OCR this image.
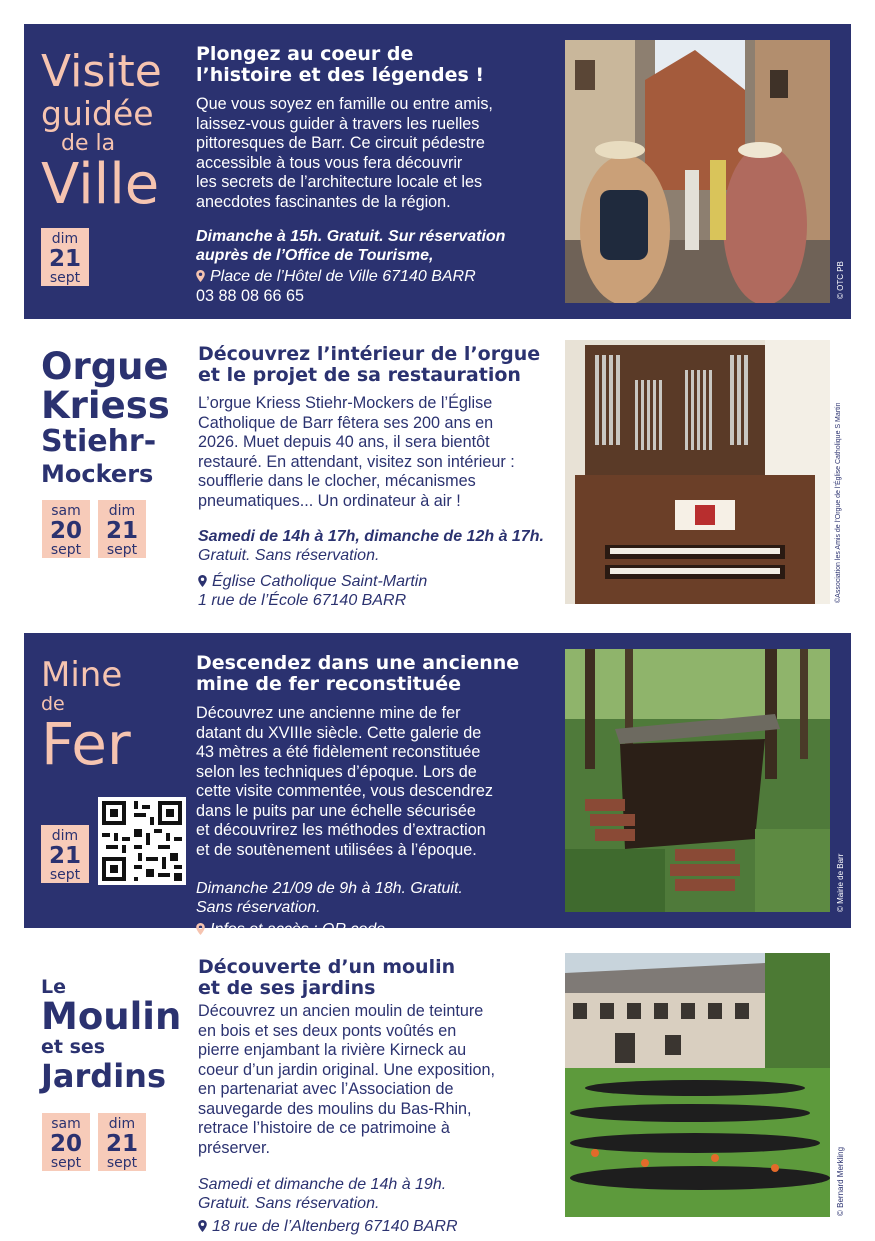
Visite
guidée
de la
Ville
dim
21
sept
Plongez au coeur de
l’histoire et des légendes !

Que vous soyez en famille ou entre amis,
laissez-vous guider à travers les ruelles
pittoresques de Barr. Ce circuit pédestre
accessible à tous vous fera découvrir
les secrets de l’architecture locale et les
anecdotes fascinantes de la région.

Dimanche à 15h. Gratuit. Sur réservation
auprès de l’Office de Tourisme,

Place de l’Hôtel de Ville 67140 BARR

03 88 08 66 65	© OTC PB
Orgue
Kriess
Stiehr-
Mockers
sam
20
sept
dim
21
sept
Découvrez l’intérieur de l’orgue
et le projet de sa restauration

L’orgue Kriess Stiehr-Mockers de l’Église
Catholique de Barr fêtera ses 200 ans en
2026. Muet depuis 40 ans, il sera bientôt
restauré. En attendant, visitez son intérieur :
soufflerie dans le clocher, mécanismes
pneumatiques... Un ordinateur à air !

Samedi de 14h à 17h, dimanche de 12h à 17h.
Gratuit. Sans réservation.

Église Catholique Saint-Martin
1 rue de l’École 67140 BARR	©Association les Amis de l’Orgue de l’Église Catholique S Martin
Mine
de
Fer
dim
21
sept
Descendez dans une ancienne
mine de fer reconstituée

Découvrez une ancienne mine de fer
datant du XVIIIe siècle. Cette galerie de
43 mètres a été fidèlement reconstituée
selon les techniques d’époque. Lors de
cette visite commentée, vous descendrez
dans le puits par une échelle sécurisée
et découvrirez les méthodes d’extraction
et de soutènement utilisées à l’époque.

Dimanche 21/09 de 9h à 18h. Gratuit.
Sans réservation.

Infos et accès : QR code

© Mairie de Barr
Le
Moulin
et ses
Jardins
sam
20
sept
dim
21
sept
Découverte d’un moulin
et de ses jardins

Découvrez un ancien moulin de teinture
en bois et ses deux ponts voûtés en
pierre enjambant la rivière Kirneck au
coeur d’un jardin original. Une exposition,
en partenariat avec l’Association de
sauvegarde des moulins du Bas-Rhin,
retrace l’histoire de ce patrimoine à
préserver.

Samedi et dimanche de 14h à 19h.
Gratuit. Sans réservation.

18 rue de l’Altenberg 67140 BARR

© Bernard Merkling
